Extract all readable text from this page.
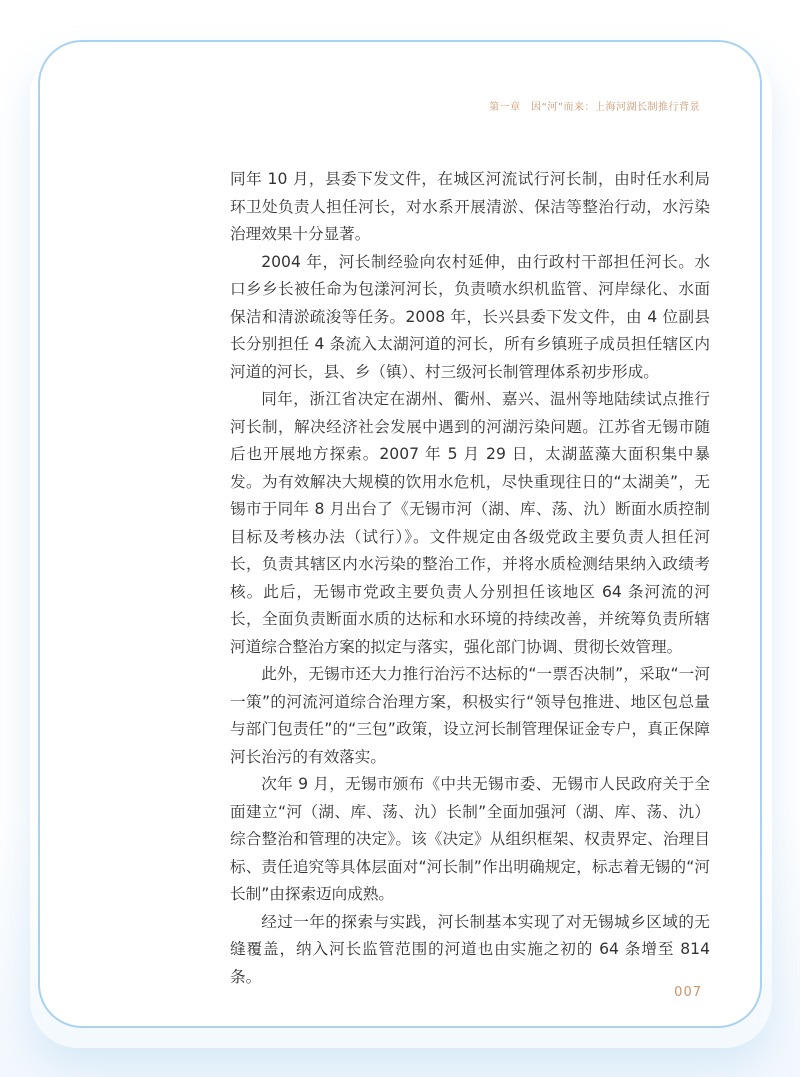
第一章　因“河”而来：上海河湖长制推行背景

同年 10 月，县委下发文件，在城区河流试行河长制，由时任水利局环卫处负责人担任河长，对水系开展清淤、保洁等整治行动，水污染治理效果十分显著。

2004 年，河长制经验向农村延伸，由行政村干部担任河长。水口乡乡长被任命为包漾河河长，负责喷水织机监管、河岸绿化、水面保洁和清淤疏浚等任务。2008 年，长兴县委下发文件，由 4 位副县长分别担任 4 条流入太湖河道的河长，所有乡镇班子成员担任辖区内河道的河长，县、乡（镇）、村三级河长制管理体系初步形成。

同年，浙江省决定在湖州、衢州、嘉兴、温州等地陆续试点推行河长制，解决经济社会发展中遇到的河湖污染问题。江苏省无锡市随后也开展地方探索。2007 年 5 月 29 日，太湖蓝藻大面积集中暴发。为有效解决大规模的饮用水危机，尽快重现往日的“太湖美”，无锡市于同年 8 月出台了《无锡市河（湖、库、荡、氿）断面水质控制目标及考核办法（试行）》。文件规定由各级党政主要负责人担任河长，负责其辖区内水污染的整治工作，并将水质检测结果纳入政绩考核。此后，无锡市党政主要负责人分别担任该地区 64 条河流的河长，全面负责断面水质的达标和水环境的持续改善，并统筹负责所辖河道综合整治方案的拟定与落实，强化部门协调、贯彻长效管理。

此外，无锡市还大力推行治污不达标的“一票否决制”，采取“一河一策”的河流河道综合治理方案，积极实行“领导包推进、地区包总量与部门包责任”的“三包”政策，设立河长制管理保证金专户，真正保障河长治污的有效落实。

次年 9 月，无锡市颁布《中共无锡市委、无锡市人民政府关于全面建立“河（湖、库、荡、氿）长制”全面加强河（湖、库、荡、氿）综合整治和管理的决定》。该《决定》从组织框架、权责界定、治理目标、责任追究等具体层面对“河长制”作出明确规定，标志着无锡的“河长制”由探索迈向成熟。

经过一年的探索与实践，河长制基本实现了对无锡城乡区域的无缝覆盖，纳入河长监管范围的河道也由实施之初的 64 条增至 814 条。

007
